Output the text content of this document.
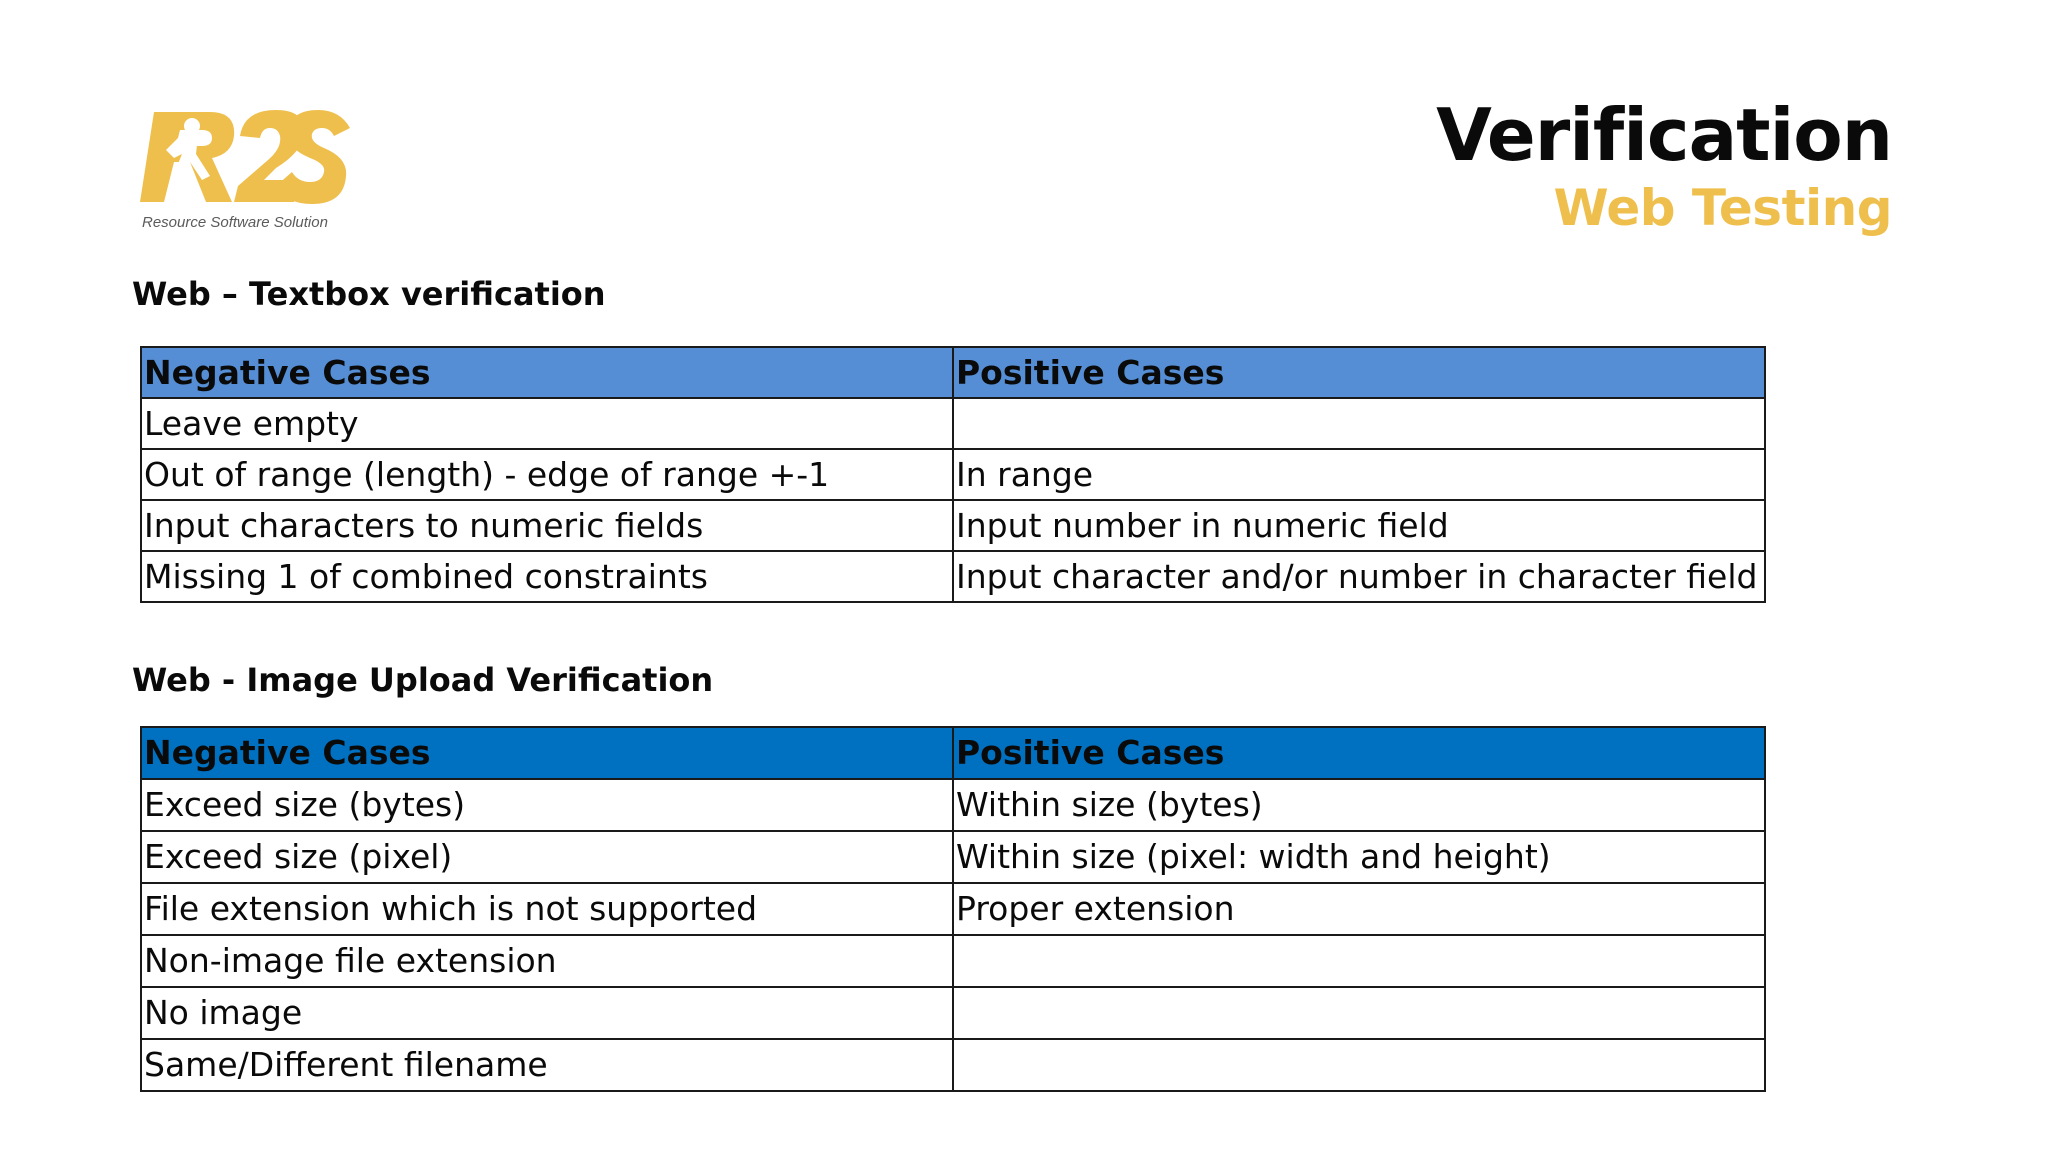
Resource Software Solution
Verification
Web Testing
Web – Textbox verification
Negative Cases	Positive Cases
Leave empty	
Out of range (length) - edge of range +-1	In range
Input characters to numeric fields	Input number in numeric field
Missing 1 of combined constraints	Input character and/or number in character field
Web - Image Upload Verification
Negative Cases	Positive Cases
Exceed size (bytes)	Within size (bytes)
Exceed size (pixel)	Within size (pixel: width and height)
File extension which is not supported	Proper extension
Non-image file extension	
No image	
Same/Different filename	
